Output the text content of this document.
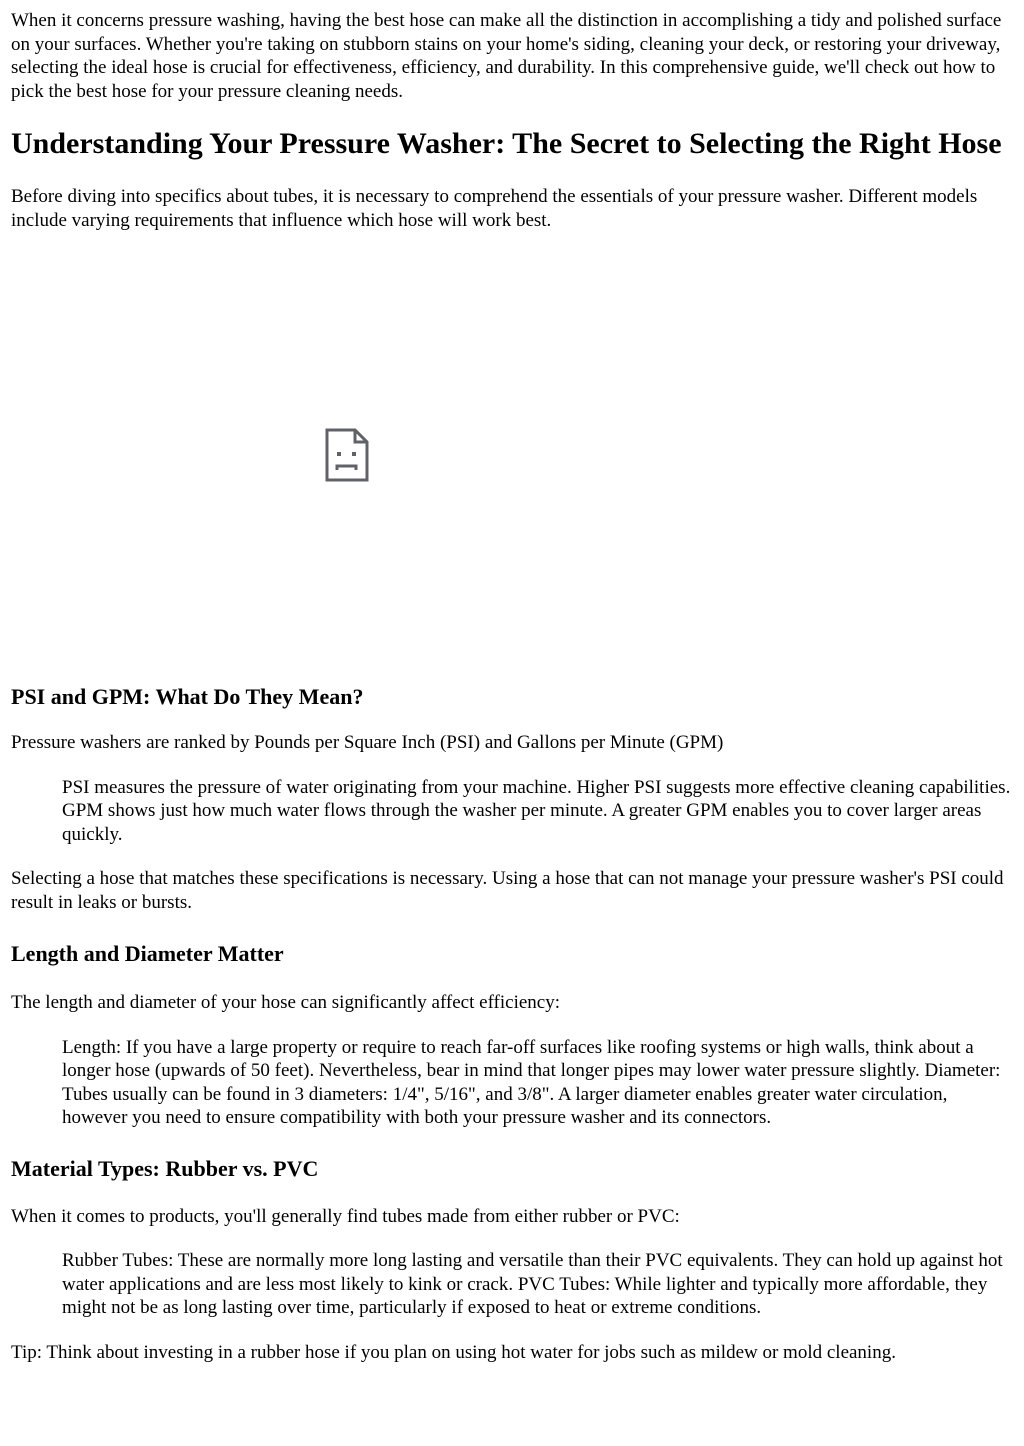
When it concerns pressure washing, having the best hose can make all the distinction in accomplishing a tidy and polished surface on your surfaces. Whether you're taking on stubborn stains on your home's siding, cleaning your deck, or restoring your driveway, selecting the ideal hose is crucial for effectiveness, efficiency, and durability. In this comprehensive guide, we'll check out how to pick the best hose for your pressure cleaning needs.

Understanding Your Pressure Washer: The Secret to Selecting the Right Hose

Before diving into specifics about tubes, it is necessary to comprehend the essentials of your pressure washer. Different models include varying requirements that influence which hose will work best.

PSI and GPM: What Do They Mean?

Pressure washers are ranked by Pounds per Square Inch (PSI) and Gallons per Minute (GPM)

PSI measures the pressure of water originating from your machine. Higher PSI suggests more effective cleaning capabilities. GPM shows just how much water flows through the washer per minute. A greater GPM enables you to cover larger areas quickly.

Selecting a hose that matches these specifications is necessary. Using a hose that can not manage your pressure washer's PSI could result in leaks or bursts.

Length and Diameter Matter

The length and diameter of your hose can significantly affect efficiency:

Length: If you have a large property or require to reach far-off surfaces like roofing systems or high walls, think about a longer hose (upwards of 50 feet). Nevertheless, bear in mind that longer pipes may lower water pressure slightly. Diameter: Tubes usually can be found in 3 diameters: 1/4", 5/16", and 3/8". A larger diameter enables greater water circulation, however you need to ensure compatibility with both your pressure washer and its connectors.

Material Types: Rubber vs. PVC

When it comes to products, you'll generally find tubes made from either rubber or PVC:

Rubber Tubes: These are normally more long lasting and versatile than their PVC equivalents. They can hold up against hot water applications and are less most likely to kink or crack. PVC Tubes: While lighter and typically more affordable, they might not be as long lasting over time, particularly if exposed to heat or extreme conditions.

Tip: Think about investing in a rubber hose if you plan on using hot water for jobs such as mildew or mold cleaning.
